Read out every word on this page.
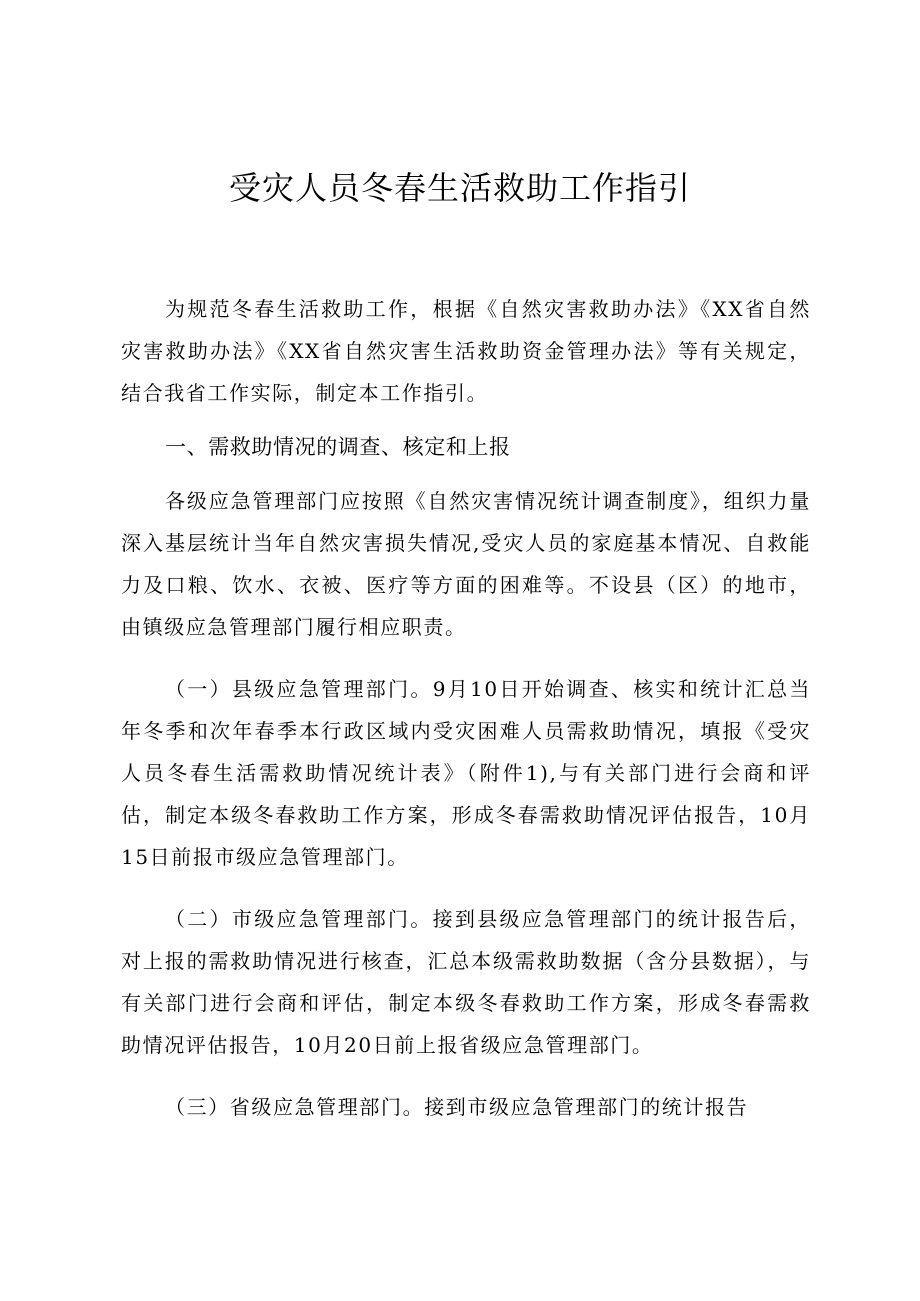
受灾人员冬春生活救助工作指引

为规范冬春生活救助工作，根据《自然灾害救助办法》《XX省自然灾害救助办法》《XX省自然灾害生活救助资金管理办法》等有关规定，结合我省工作实际，制定本工作指引。

一、需救助情况的调查、核定和上报

各级应急管理部门应按照《自然灾害情况统计调查制度》，组织力量深入基层统计当年自然灾害损失情况,受灾人员的家庭基本情况、自救能力及口粮、饮水、衣被、医疗等方面的困难等。不设县（区）的地市，由镇级应急管理部门履行相应职责。

（一）县级应急管理部门。9月10日开始调查、核实和统计汇总当年冬季和次年春季本行政区域内受灾困难人员需救助情况，填报《受灾人员冬春生活需救助情况统计表》（附件1),与有关部门进行会商和评估，制定本级冬春救助工作方案，形成冬春需救助情况评估报告，10月15日前报市级应急管理部门。

（二）市级应急管理部门。接到县级应急管理部门的统计报告后，对上报的需救助情况进行核查，汇总本级需救助数据（含分县数据），与有关部门进行会商和评估，制定本级冬春救助工作方案，形成冬春需救助情况评估报告，10月20日前上报省级应急管理部门。

（三）省级应急管理部门。接到市级应急管理部门的统计报告
